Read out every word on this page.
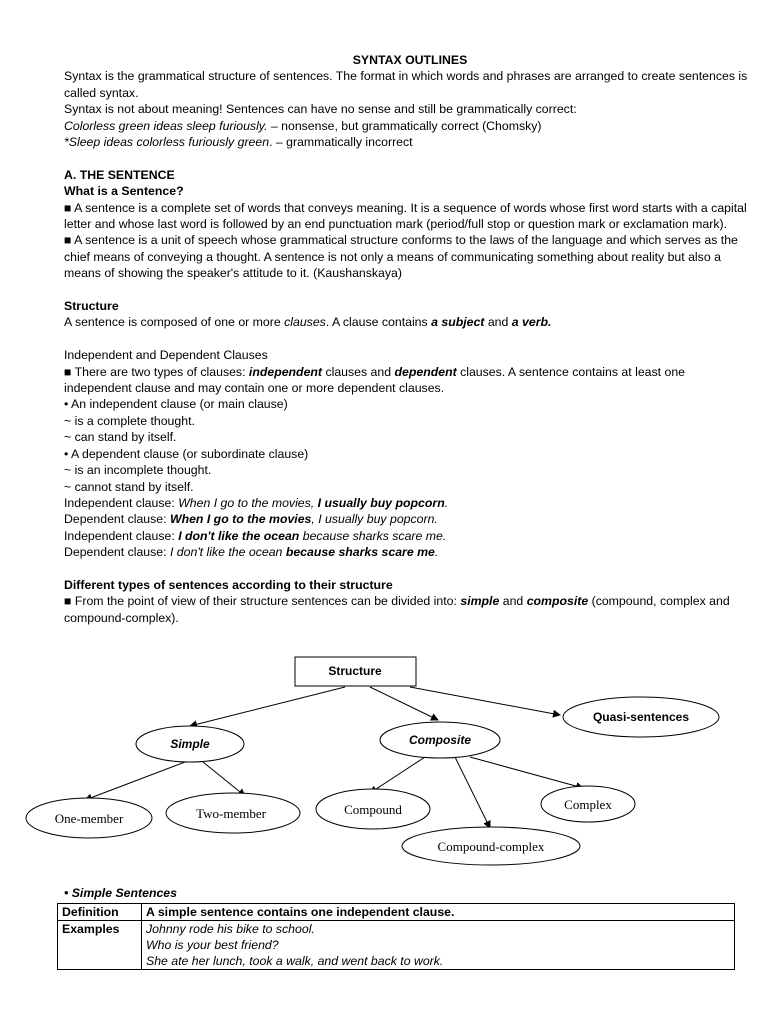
SYNTAX OUTLINES

Syntax is the grammatical structure of sentences. The format in which words and phrases are arranged to create sentences is called syntax.

Syntax is not about meaning! Sentences can have no sense and still be grammatically correct:

Colorless green ideas sleep furiously. – nonsense, but grammatically correct (Chomsky)

*Sleep ideas colorless furiously green. – grammatically incorrect

A. THE SENTENCE

What is a Sentence?

■ A sentence is a complete set of words that conveys meaning. It is a sequence of words whose first word starts with a capital letter and whose last word is followed by an end punctuation mark (period/full stop or question mark or exclamation mark).

■ A sentence is a unit of speech whose grammatical structure conforms to the laws of the language and which serves as the chief means of conveying a thought. A sentence is not only a means of communicating something about reality but also a means of showing the speaker's attitude to it. (Kaushanskaya)

Structure

A sentence is composed of one or more clauses. A clause contains a subject and a verb.

Independent and Dependent Clauses

■ There are two types of clauses: independent clauses and dependent clauses. A sentence contains at least one independent clause and may contain one or more dependent clauses.

• An independent clause (or main clause)

~ is a complete thought.

~ can stand by itself.

• A dependent clause (or subordinate clause)

~ is an incomplete thought.

~ cannot stand by itself.

Independent clause: When I go to the movies, I usually buy popcorn.

Dependent clause: When I go to the movies, I usually buy popcorn.

Independent clause: I don't like the ocean because sharks scare me.

Dependent clause: I don't like the ocean because sharks scare me.

Different types of sentences according to their structure

■ From the point of view of their structure sentences can be divided into: simple and composite (compound, complex and compound-complex).

Structure
Simple	Composite
Quasi-sentences
One-member	Two-member	Compound	Complex
Compound-complex
• Simple Sentences
Definition	A simple sentence contains one independent clause.
Examples	Johnny rode his bike to school.
Who is your best friend?
She ate her lunch, took a walk, and went back to work.
